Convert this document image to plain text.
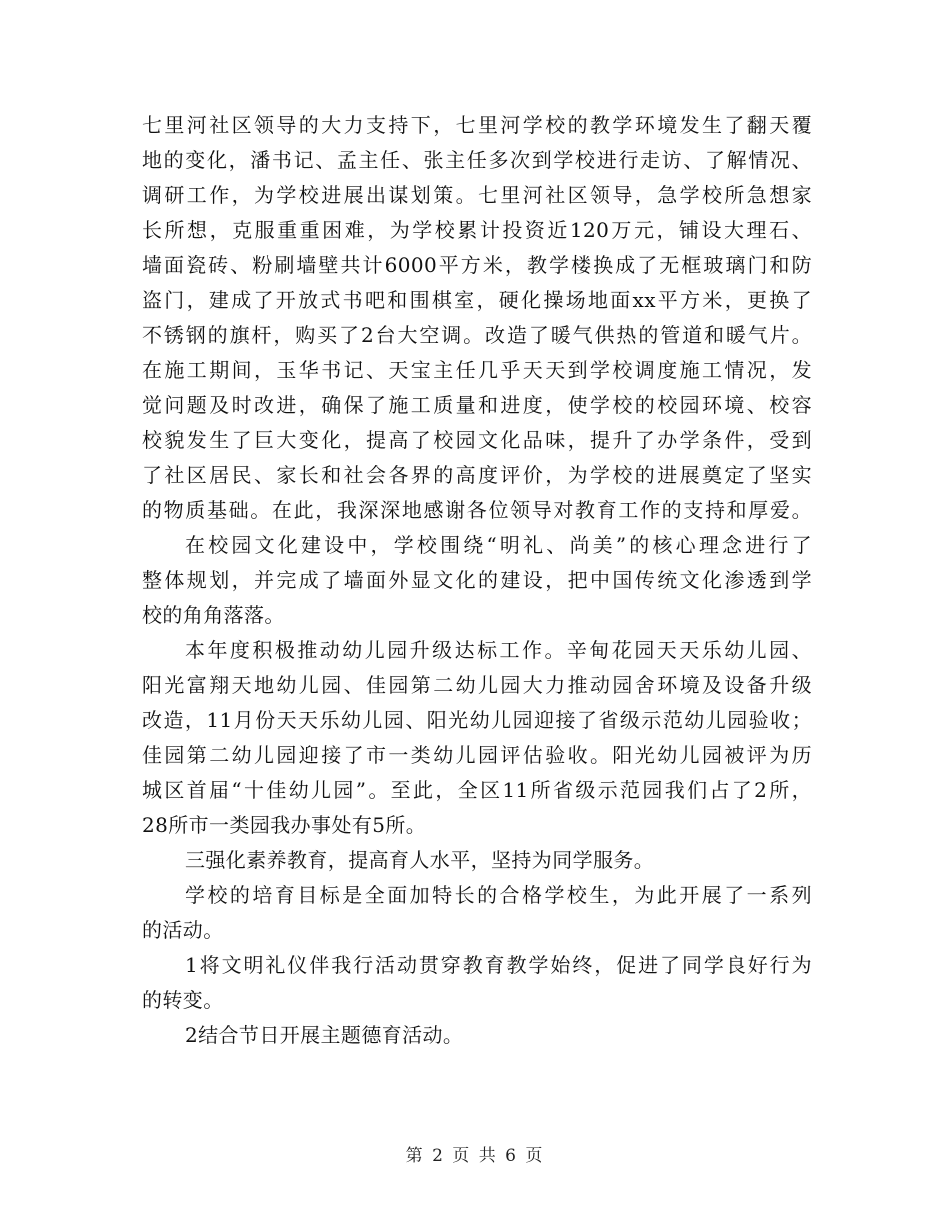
七里河社区领导的大力支持下，七里河学校的教学环境发生了翻天覆
地的变化，潘书记、孟主任、张主任多次到学校进行走访、了解情况、
调研工作，为学校进展出谋划策。七里河社区领导，急学校所急想家
长所想，克服重重困难，为学校累计投资近120万元，铺设大理石、
墙面瓷砖、粉刷墙壁共计6000平方米，教学楼换成了无框玻璃门和防
盗门，建成了开放式书吧和围棋室，硬化操场地面xx平方米，更换了
不锈钢的旗杆，购买了2台大空调。改造了暖气供热的管道和暖气片。
在施工期间，玉华书记、天宝主任几乎天天到学校调度施工情况，发
觉问题及时改进，确保了施工质量和进度，使学校的校园环境、校容
校貌发生了巨大变化，提高了校园文化品味，提升了办学条件，受到
了社区居民、家长和社会各界的高度评价，为学校的进展奠定了坚实
的物质基础。在此，我深深地感谢各位领导对教育工作的支持和厚爱。
在校园文化建设中，学校围绕“明礼、尚美”的核心理念进行了
整体规划，并完成了墙面外显文化的建设，把中国传统文化渗透到学
校的角角落落。
本年度积极推动幼儿园升级达标工作。辛甸花园天天乐幼儿园、
阳光富翔天地幼儿园、佳园第二幼儿园大力推动园舍环境及设备升级
改造，11月份天天乐幼儿园、阳光幼儿园迎接了省级示范幼儿园验收；
佳园第二幼儿园迎接了市一类幼儿园评估验收。阳光幼儿园被评为历
城区首届“十佳幼儿园”。至此，全区11所省级示范园我们占了2所，
28所市一类园我办事处有5所。
三强化素养教育，提高育人水平，坚持为同学服务。
学校的培育目标是全面加特长的合格学校生，为此开展了一系列
的活动。
1将文明礼仪伴我行活动贯穿教育教学始终，促进了同学良好行为
的转变。
2结合节日开展主题德育活动。
第 2 页 共 6 页
